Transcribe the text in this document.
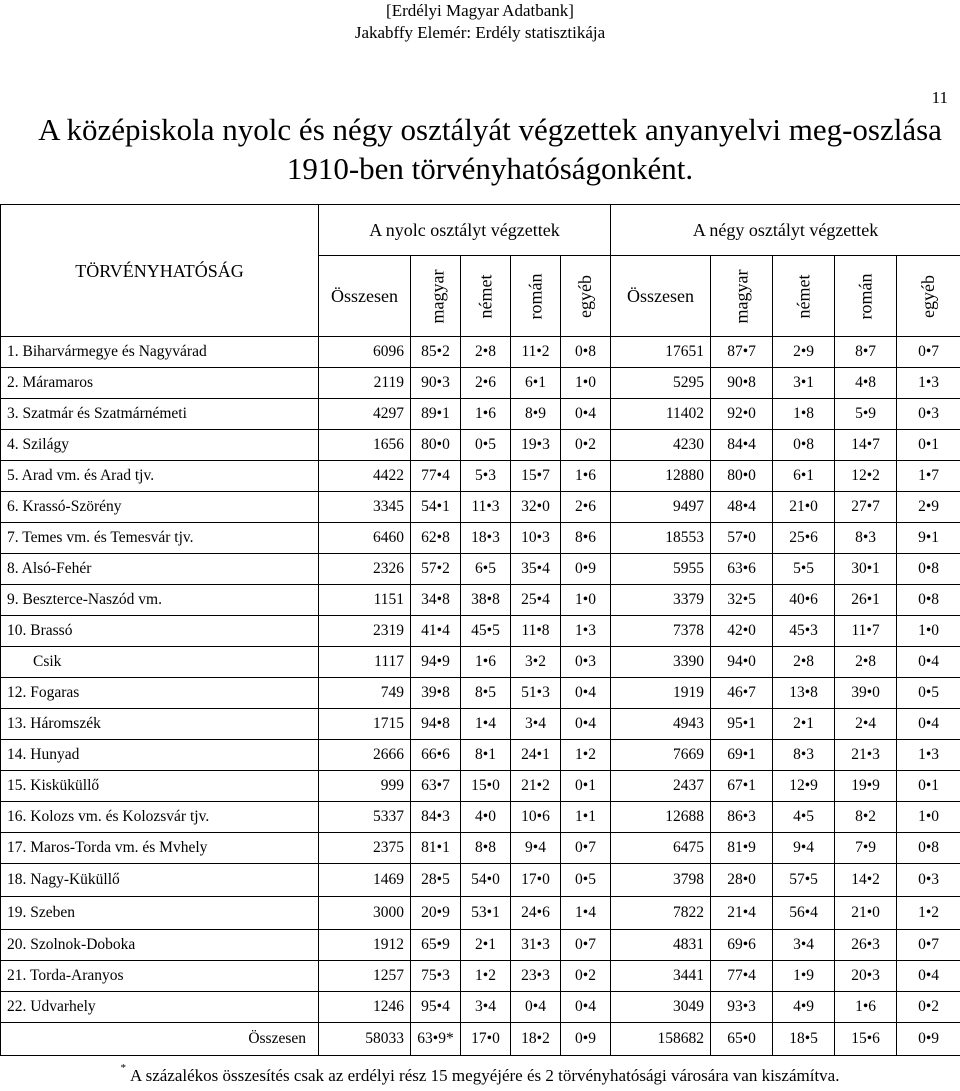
[Erdélyi Magyar Adatbank]
Jakabffy Elemér: Erdély statisztikája
11
A középiskola nyolc és négy osztályát végzettek anyanyelvi meg-oszlása 1910-ben törvényhatóságonként.
TÖRVÉNYHATÓSÁG	A nyolc osztályt végzettek					A négy osztályt végzettek				
	Összesen	magyar	német	román	egyéb	Összesen	magyar	német	román	egyéb
1. Biharvármegye és Nagyvárad	6096	85•2	2•8	11•2	0•8	17651	87•7	2•9	8•7	0•7
2. Máramaros	2119	90•3	2•6	6•1	1•0	5295	90•8	3•1	4•8	1•3
3. Szatmár és Szatmárnémeti	4297	89•1	1•6	8•9	0•4	11402	92•0	1•8	5•9	0•3
4. Szilágy	1656	80•0	0•5	19•3	0•2	4230	84•4	0•8	14•7	0•1
5. Arad vm. és Arad tjv.	4422	77•4	5•3	15•7	1•6	12880	80•0	6•1	12•2	1•7
6. Krassó-Szörény	3345	54•1	11•3	32•0	2•6	9497	48•4	21•0	27•7	2•9
7. Temes vm. és Temesvár tjv.	6460	62•8	18•3	10•3	8•6	18553	57•0	25•6	8•3	9•1
8. Alsó-Fehér	2326	57•2	6•5	35•4	0•9	5955	63•6	5•5	30•1	0•8
9. Beszterce-Naszód vm.	1151	34•8	38•8	25•4	1•0	3379	32•5	40•6	26•1	0•8
10. Brassó	2319	41•4	45•5	11•8	1•3	7378	42•0	45•3	11•7	1•0
Csik	1117	94•9	1•6	3•2	0•3	3390	94•0	2•8	2•8	0•4
12. Fogaras	749	39•8	8•5	51•3	0•4	1919	46•7	13•8	39•0	0•5
13. Háromszék	1715	94•8	1•4	3•4	0•4	4943	95•1	2•1	2•4	0•4
14. Hunyad	2666	66•6	8•1	24•1	1•2	7669	69•1	8•3	21•3	1•3
15. Kisküküllő	999	63•7	15•0	21•2	0•1	2437	67•1	12•9	19•9	0•1
16. Kolozs vm. és Kolozsvár tjv.	5337	84•3	4•0	10•6	1•1	12688	86•3	4•5	8•2	1•0
17. Maros-Torda vm. és Mvhely	2375	81•1	8•8	9•4	0•7	6475	81•9	9•4	7•9	0•8
18. Nagy-Küküllő	1469	28•5	54•0	17•0	0•5	3798	28•0	57•5	14•2	0•3
19. Szeben	3000	20•9	53•1	24•6	1•4	7822	21•4	56•4	21•0	1•2
20. Szolnok-Doboka	1912	65•9	2•1	31•3	0•7	4831	69•6	3•4	26•3	0•7
21. Torda-Aranyos	1257	75•3	1•2	23•3	0•2	3441	77•4	1•9	20•3	0•4
22. Udvarhely	1246	95•4	3•4	0•4	0•4	3049	93•3	4•9	1•6	0•2
Összesen	58033	63•9*	17•0	18•2	0•9	158682	65•0	18•5	15•6	0•9
* A százalékos összesítés csak az erdélyi rész 15 megyéjére és 2 törvényhatósági városára van kiszámítva.
